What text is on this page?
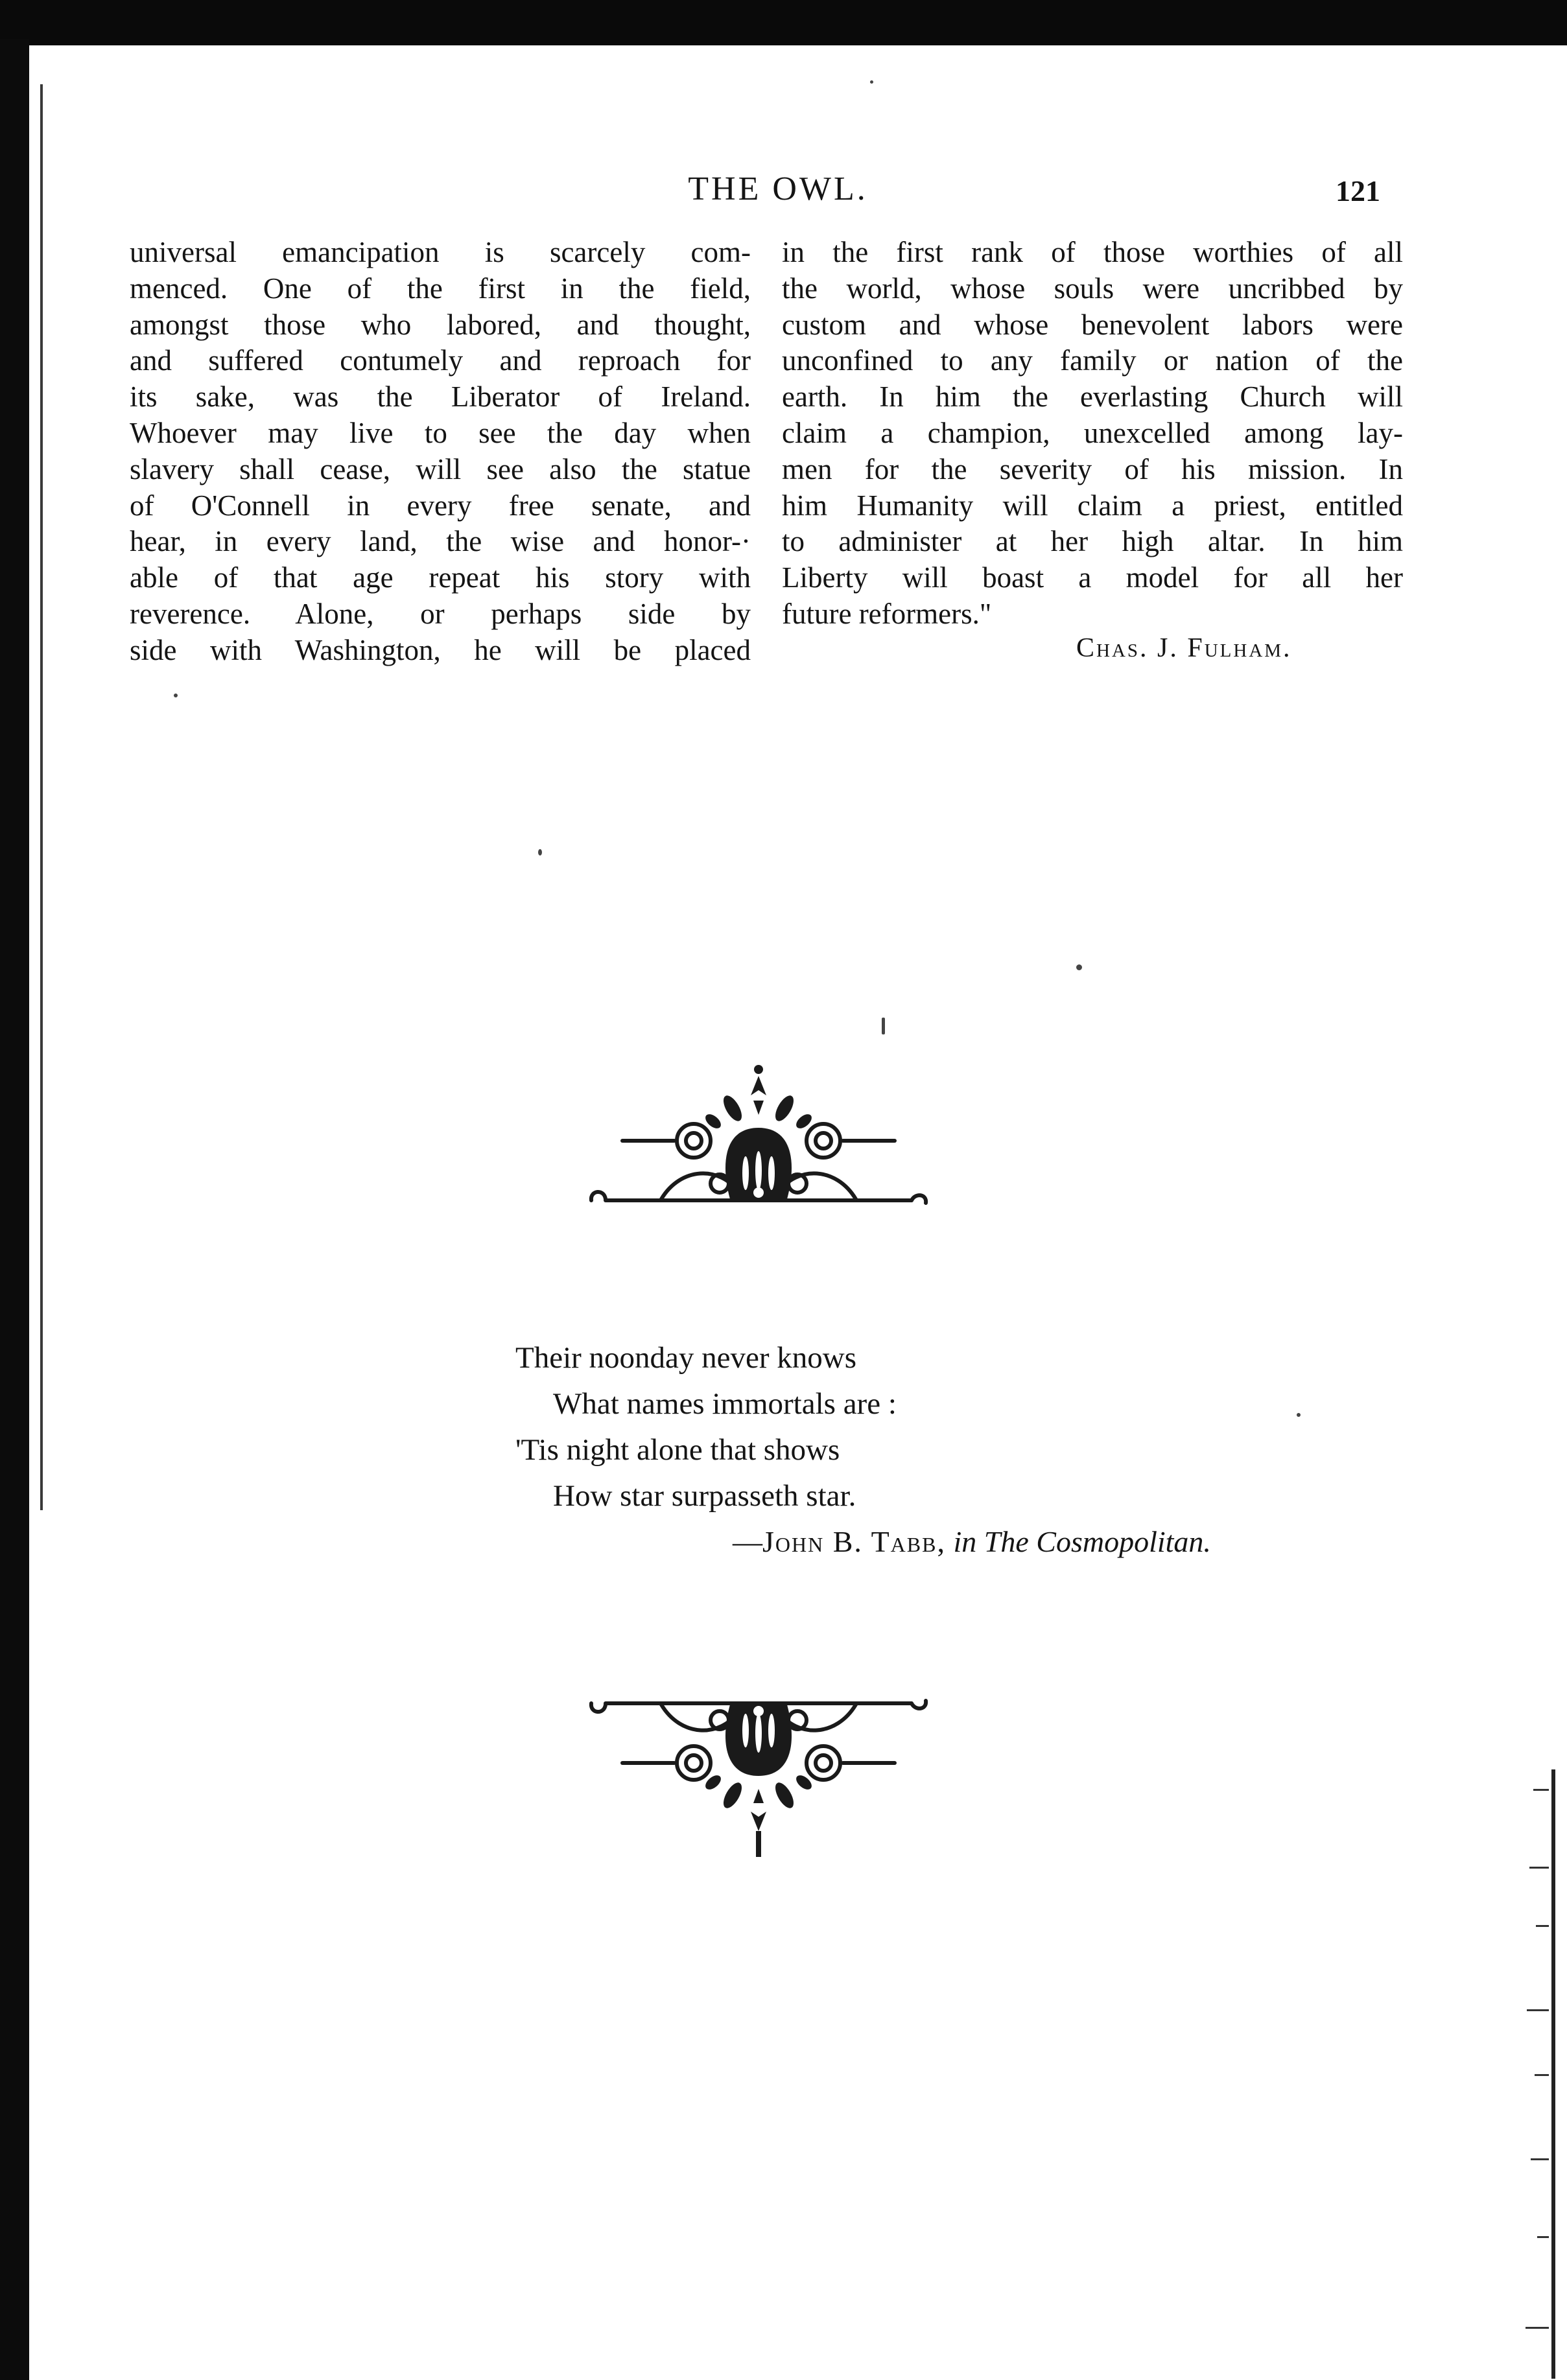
THE OWL.	121
universal emancipation is scarcely com-
menced. One of the first in the field,
amongst those who labored, and thought,
and suffered contumely and reproach for
its sake, was the Liberator of Ireland.
Whoever may live to see the day when
slavery shall cease, will see also the statue
of O'Connell in every free senate, and
hear, in every land, the wise and honor-·
able of that age repeat his story with
reverence. Alone, or perhaps side by
side with Washington, he will be placed
in the first rank of those worthies of all
the world, whose souls were uncribbed by
custom and whose benevolent labors were
unconfined to any family or nation of the
earth. In him the everlasting Church will
claim a champion, unexcelled among lay-
men for the severity of his mission. In
him Humanity will claim a priest, entitled
to administer at her high altar. In him
Liberty will boast a model for all her
future reformers."
Chas. J. Fulham.
Their noonday never knows
What names immortals are :
'Tis night alone that shows
How star surpasseth star.
—John B. Tabb, in The Cosmopolitan.
